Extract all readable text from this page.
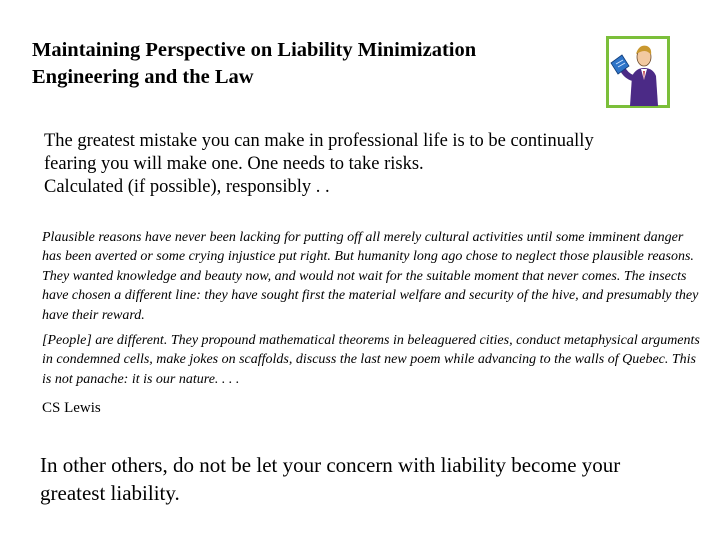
Maintaining Perspective on Liability Minimization
Engineering and the Law

The greatest mistake you can make in professional life is to be continually
fearing you will make one. One needs to take risks.
Calculated (if possible), responsibly . .

Plausible reasons have never been lacking for putting off all merely cultural activities until some imminent danger has been averted or some crying injustice put right. But humanity long ago chose to neglect those plausible reasons. They wanted knowledge and beauty now, and would not wait for the suitable moment that never comes. The insects have chosen a different line: they have sought first the material welfare and security of the hive, and presumably they have their reward.

[People] are different. They propound mathematical theorems in beleaguered cities, conduct metaphysical arguments in condemned cells, make jokes on scaffolds, discuss the last new poem while advancing to the walls of Quebec. This is not panache: it is our nature. . . .

CS Lewis

In other others, do not be let your concern with liability become your greatest liability.
